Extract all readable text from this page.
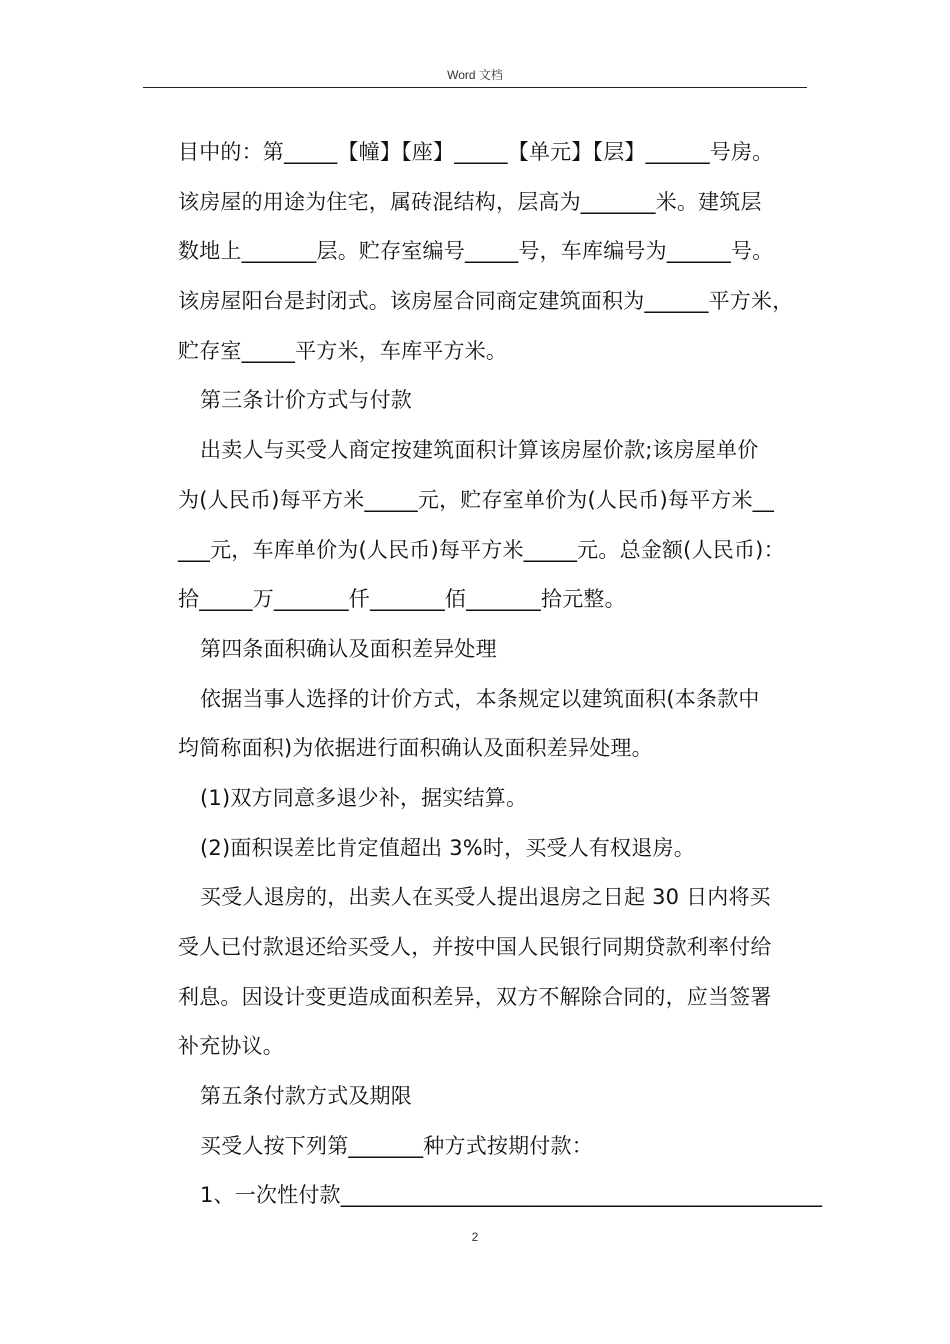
Word 文档
目中的：第_____【幢】【座】_____【单元】【层】______号房。
该房屋的用途为住宅，属砖混结构，层高为_______米。建筑层
数地上_______层。贮存室编号_____号，车库编号为______号。
该房屋阳台是封闭式。该房屋合同商定建筑面积为______平方米，
贮存室_____平方米，车库平方米。
第三条计价方式与付款
出卖人与买受人商定按建筑面积计算该房屋价款;该房屋单价
为(人民币)每平方米_____元，贮存室单价为(人民币)每平方米__
___元，车库单价为(人民币)每平方米_____元。总金额(人民币)：
拾_____万_______仟_______佰_______拾元整。
第四条面积确认及面积差异处理
依据当事人选择的计价方式，本条规定以建筑面积(本条款中
均简称面积)为依据进行面积确认及面积差异处理。
(1)双方同意多退少补，据实结算。
(2)面积误差比肯定值超出 3%时，买受人有权退房。
买受人退房的，出卖人在买受人提出退房之日起 30 日内将买
受人已付款退还给买受人，并按中国人民银行同期贷款利率付给
利息。因设计变更造成面积差异，双方不解除合同的，应当签署
补充协议。
第五条付款方式及期限
买受人按下列第_______种方式按期付款：
1、一次性付款_____________________________________________
2
